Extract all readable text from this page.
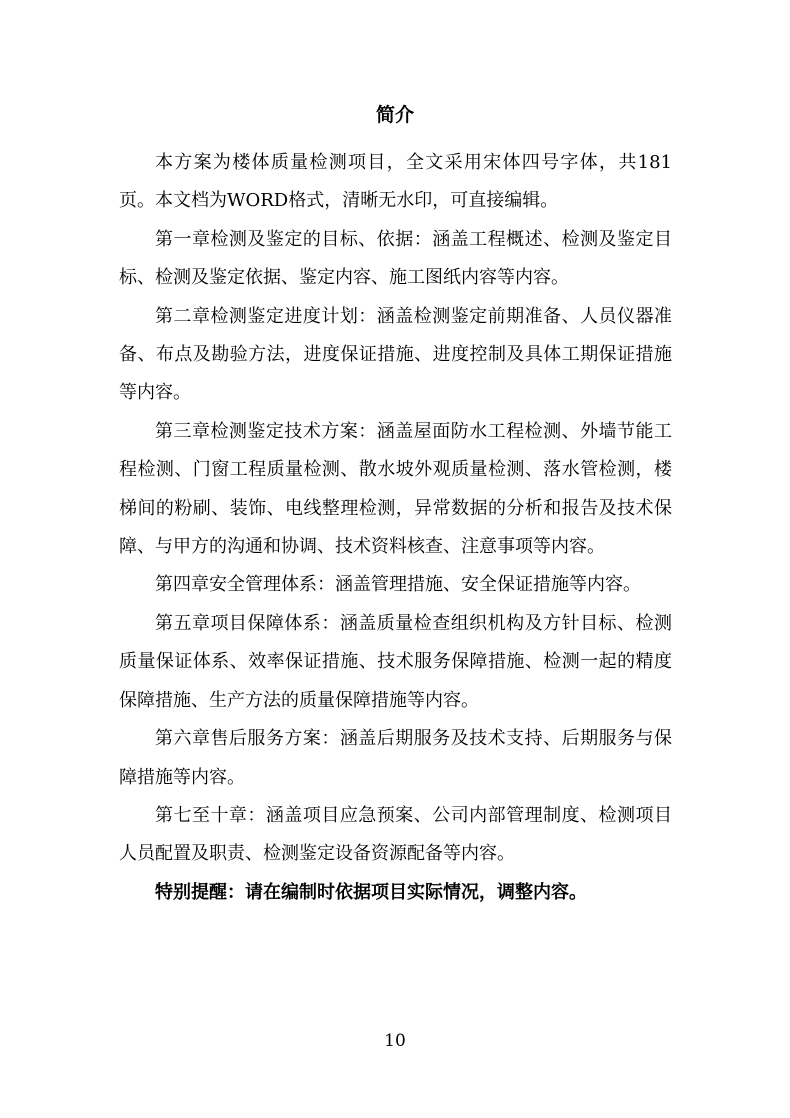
简介

本方案为楼体质量检测项目，全文采用宋体四号字体，共181页。本文档为WORD格式，清晰无水印，可直接编辑。

第一章检测及鉴定的目标、依据：涵盖工程概述、检测及鉴定目标、检测及鉴定依据、鉴定内容、施工图纸内容等内容。

第二章检测鉴定进度计划：涵盖检测鉴定前期准备、人员仪器准备、布点及勘验方法，进度保证措施、进度控制及具体工期保证措施等内容。

第三章检测鉴定技术方案：涵盖屋面防水工程检测、外墙节能工程检测、门窗工程质量检测、散水坡外观质量检测、落水管检测，楼梯间的粉刷、装饰、电线整理检测，异常数据的分析和报告及技术保障、与甲方的沟通和协调、技术资料核查、注意事项等内容。

第四章安全管理体系：涵盖管理措施、安全保证措施等内容。

第五章项目保障体系：涵盖质量检查组织机构及方针目标、检测质量保证体系、效率保证措施、技术服务保障措施、检测一起的精度保障措施、生产方法的质量保障措施等内容。

第六章售后服务方案：涵盖后期服务及技术支持、后期服务与保障措施等内容。

第七至十章：涵盖项目应急预案、公司内部管理制度、检测项目人员配置及职责、检测鉴定设备资源配备等内容。

特别提醒：请在编制时依据项目实际情况，调整内容。

10
